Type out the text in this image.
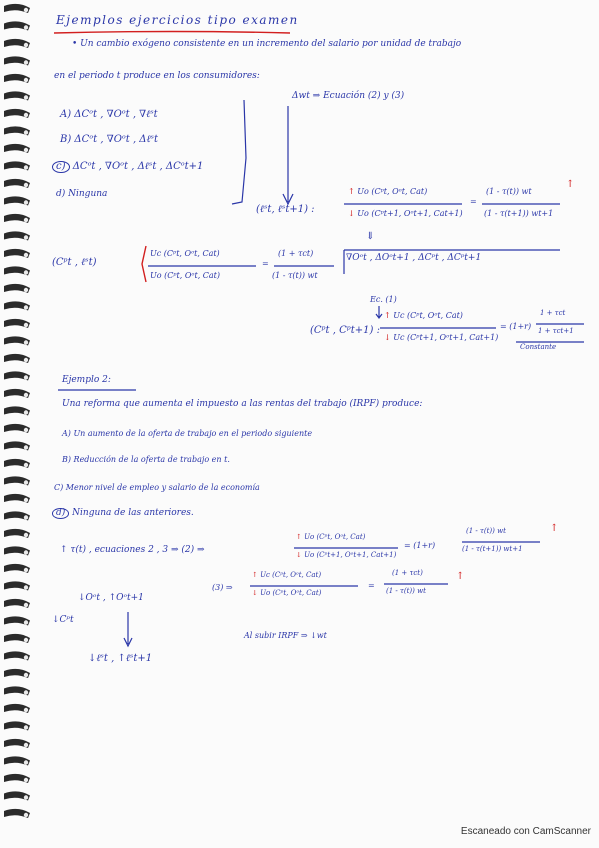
Ejemplos ejercicios tipo examen
• Un cambio exógeno consistente en un incremento del salario por unidad de trabajo
en el periodo t produce en los consumidores:
A) ΔCᵒt , ∇Oᵒt , ∇ℓˢt
B) ΔCᵒt , ∇Oᵒt , Δℓˢt
c) ΔCᵒt , ∇Oᵒt , Δℓˢt , ΔCᵒt+1
d) Ninguna
Δwt ⇒ Ecuación (2) y (3)
(ℓˢt, ℓˢt+1) :
↑ Uo (Cᵖt, Oᵒt, Cat)
↓ Uo (Cᵖt+1, Oᵒt+1, Cat+1)
=
(1 - τ(t)) wt
(1 - τ(t+1)) wt+1
↑
⇓
∇Oᵒt , ΔOᵒt+1 , ΔCᵖt , ΔCᵖt+1
(Cᵖt , ℓˢt)
Uc (Cᵖt, Oᵒt, Cat)
Uo (Cᵖt, Oᵒt, Cat)
=
(1 + τct)
(1 - τ(t)) wt
Ec. (1)
(Cᵖt , Cᵖt+1) :
↑ Uc (Cᵖt, Oᵒt, Cat)
↓ Uc (Cᵖt+1, Oᵒt+1, Cat+1)
= (1+r)
1 + τct
1 + τct+1
Constante
Ejemplo 2:
Una reforma que aumenta el impuesto a las rentas del trabajo (IRPF) produce:
A) Un aumento de la oferta de trabajo en el periodo siguiente
B) Reducción de la oferta de trabajo en t.
C) Menor nivel de empleo y salario de la economía
d) Ninguna de las anteriores.
↑ τ(t) , ecuaciones 2 , 3 ⇒ (2) ⇒
↑ Uo (Cᵖt, Oᵒt, Cat)
↓ Uo (Cᵖt+1, Oᵒt+1, Cat+1)
= (1+r)
(1 - τ(t)) wt
(1 - τ(t+1)) wt+1
↑
(3) ⇒
↑ Uc (Cᵖt, Oᵒt, Cat)
↓ Uo (Cᵖt, Oᵒt, Cat)
=
(1 + τct)
(1 - τ(t)) wt
↑
↓Oᵒt , ↑Oᵒt+1
↓Cᵖt
↓ℓˢt , ↑ℓˢt+1
Al subir IRPF ⇒ ↓wt
Escaneado con CamScanner
